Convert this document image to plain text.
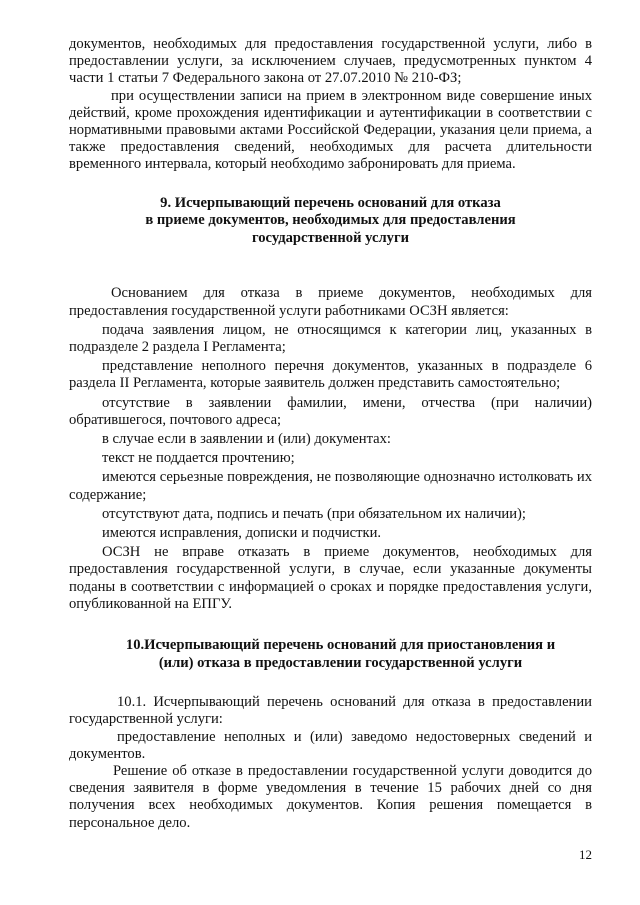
документов, необходимых для предоставления государственной услуги, либо в предоставлении услуги, за исключением случаев, предусмотренных пунктом 4 части 1 статьи 7 Федерального закона от 27.07.2010 № 210-ФЗ;

при осуществлении записи на прием в электронном виде совершение иных действий, кроме прохождения идентификации и аутентификации в соответствии с нормативными правовыми актами Российской Федерации, указания цели приема, а также предоставления сведений, необходимых для расчета длительности временного интервала, который необходимо забронировать для приема.

9. Исчерпывающий перечень оснований для отказа
в приеме документов, необходимых для предоставления
государственной услуги

Основанием для отказа в приеме документов, необходимых для предоставления государственной услуги работниками ОСЗН является:

подача заявления лицом, не относящимся к категории лиц, указанных в подразделе 2 раздела I Регламента;

представление неполного перечня документов, указанных в подразделе 6 раздела II Регламента, которые заявитель должен представить самостоятельно;

отсутствие в заявлении фамилии, имени, отчества (при наличии) обратившегося, почтового адреса;

в случае если в заявлении и (или) документах:

текст не поддается прочтению;

имеются серьезные повреждения, не позволяющие однозначно истолковать их содержание;

отсутствуют дата, подпись и печать (при обязательном их наличии);

имеются исправления, дописки и подчистки.

ОСЗН не вправе отказать в приеме документов, необходимых для предоставления государственной услуги, в случае, если указанные документы поданы в соответствии с информацией о сроках и порядке предоставления услуги, опубликованной на ЕПГУ.

10.Исчерпывающий перечень оснований для приостановления и
(или) отказа в предоставлении государственной услуги

10.1. Исчерпывающий перечень оснований для отказа в предоставлении государственной услуги:

предоставление неполных и (или) заведомо недостоверных сведений и документов.

Решение об отказе в предоставлении государственной услуги доводится до сведения заявителя в форме уведомления в течение 15 рабочих дней со дня получения всех необходимых документов. Копия решения помещается в персональное дело.

12
